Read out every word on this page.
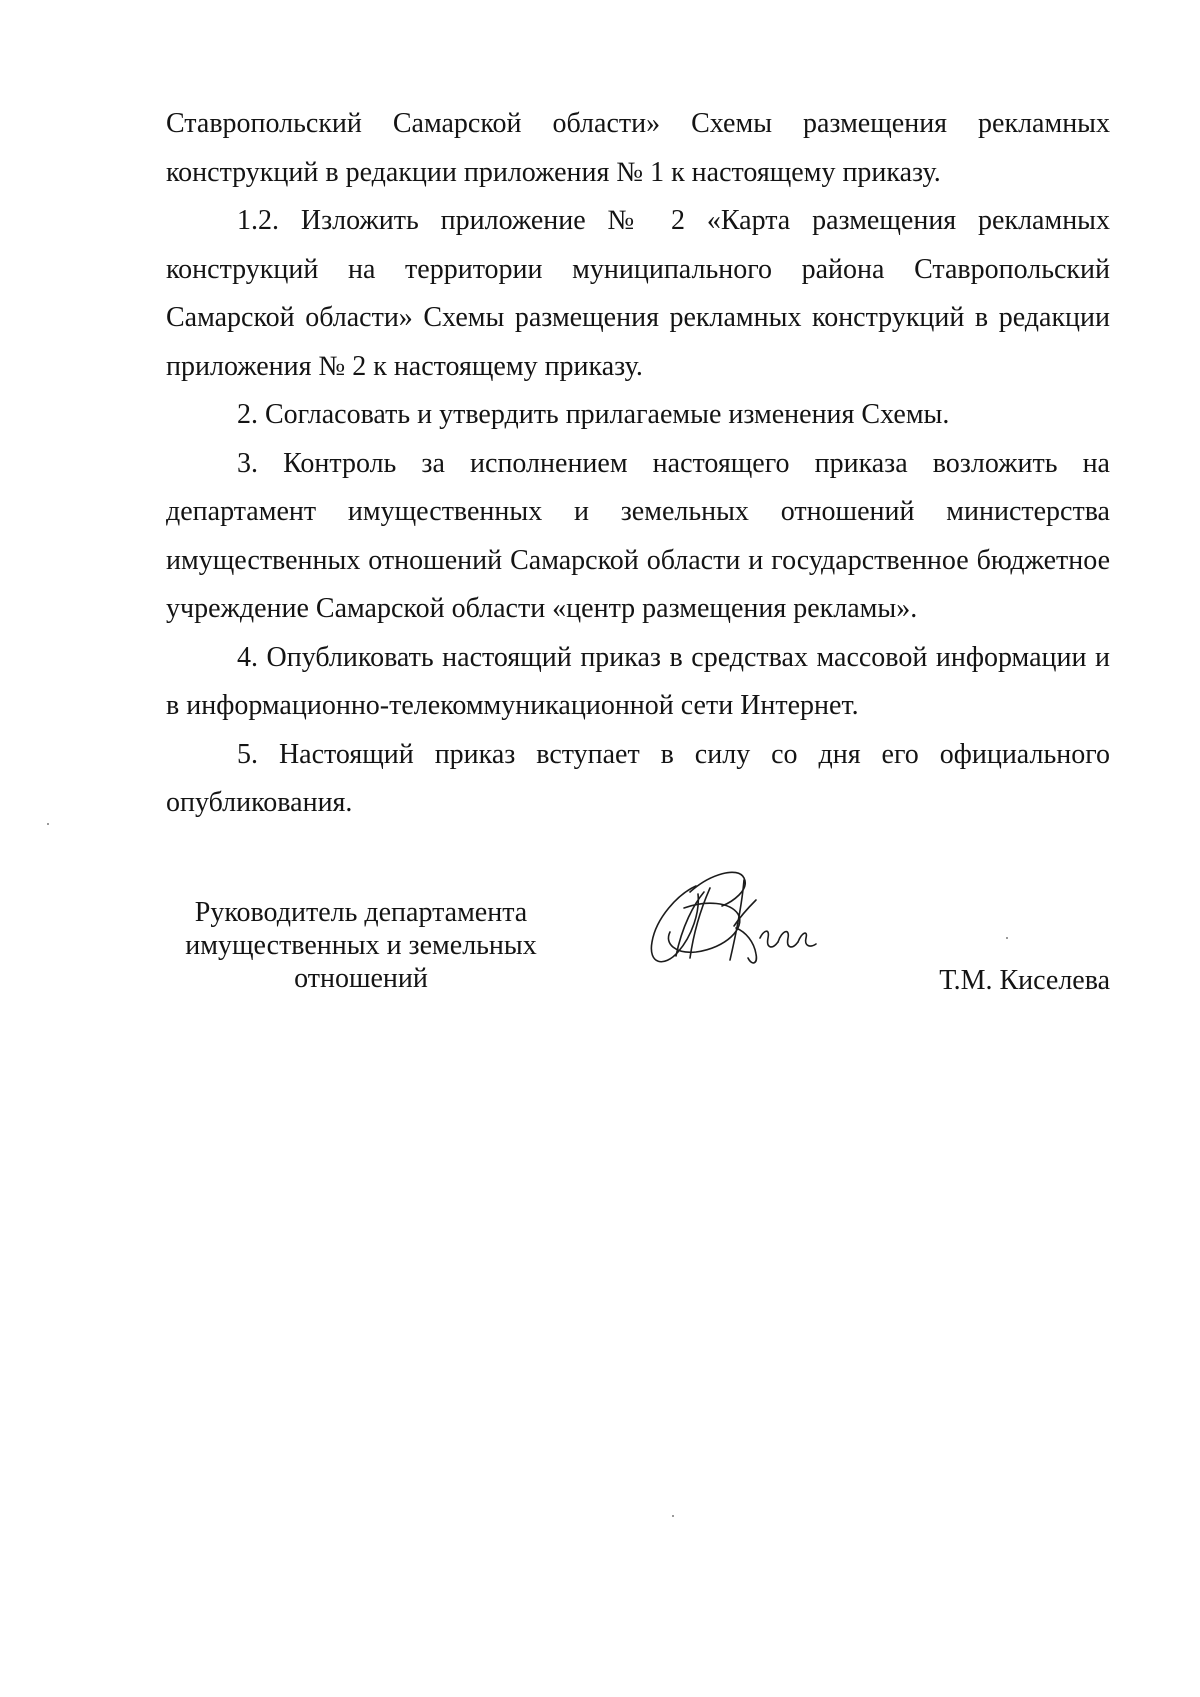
Ставропольский Самарской области» Схемы размещения рекламных конструкций в редакции приложения № 1 к настоящему приказу.

1.2. Изложить приложение № 2 «Карта размещения рекламных конструкций на территории муниципального района Ставропольский Самарской области» Схемы размещения рекламных конструкций в редакции приложения № 2 к настоящему приказу.

2. Согласовать и утвердить прилагаемые изменения Схемы.

3. Контроль за исполнением настоящего приказа возложить на департамент имущественных и земельных отношений министерства имущественных отношений Самарской области и государственное бюджетное учреждение Самарской области «центр размещения рекламы».

4. Опубликовать настоящий приказ в средствах массовой информации и в информационно-телекоммуникационной сети Интернет.

5. Настоящий приказ вступает в силу со дня его официального опубликования.

Руководитель департамента
имущественных и земельных
отношений	Т.М. Киселева
